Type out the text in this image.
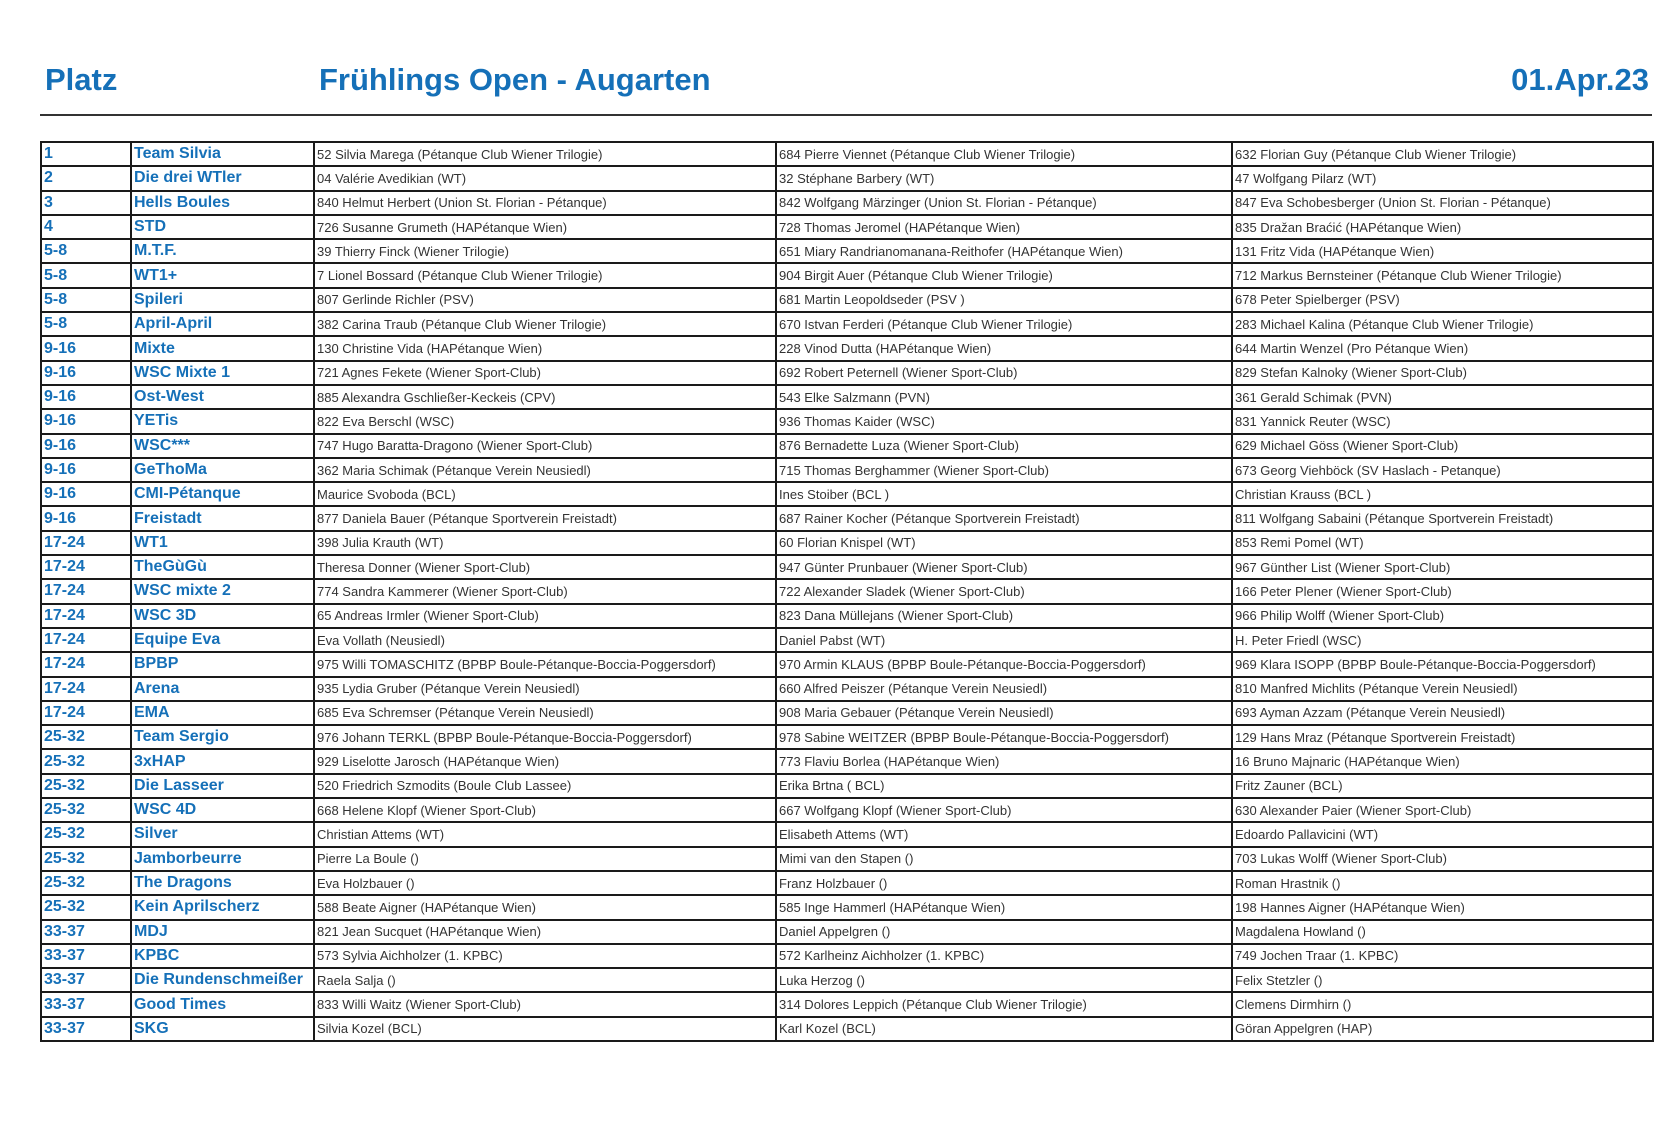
Platz	Frühlings Open - Augarten	01.Apr.23
1	Team Silvia	52 Silvia Marega (Pétanque Club Wiener Trilogie)	684 Pierre Viennet (Pétanque Club Wiener Trilogie)	632 Florian Guy (Pétanque Club Wiener Trilogie)
2	Die drei WTler	04 Valérie Avedikian (WT)	32 Stéphane Barbery (WT)	47 Wolfgang Pilarz (WT)
3	Hells Boules	840 Helmut Herbert (Union St. Florian - Pétanque)	842 Wolfgang Märzinger (Union St. Florian - Pétanque)	847 Eva Schobesberger (Union St. Florian - Pétanque)
4	STD	726 Susanne Grumeth (HAPétanque Wien)	728 Thomas Jeromel (HAPétanque Wien)	835 Dražan Braćić (HAPétanque Wien)
5-8	M.T.F.	39 Thierry Finck (Wiener Trilogie)	651 Miary Randrianomanana-Reithofer (HAPétanque Wien)	131 Fritz Vida (HAPétanque Wien)
5-8	WT1+	7 Lionel Bossard (Pétanque Club Wiener Trilogie)	904 Birgit Auer (Pétanque Club Wiener Trilogie)	712 Markus Bernsteiner (Pétanque Club Wiener Trilogie)
5-8	Spileri	807 Gerlinde Richler (PSV)	681 Martin Leopoldseder (PSV )	678 Peter Spielberger (PSV)
5-8	April-April	382 Carina Traub (Pétanque Club Wiener Trilogie)	670 Istvan Ferderi (Pétanque Club Wiener Trilogie)	283 Michael Kalina (Pétanque Club Wiener Trilogie)
9-16	Mixte	130 Christine Vida (HAPétanque Wien)	228 Vinod Dutta (HAPétanque Wien)	644 Martin Wenzel (Pro Pétanque Wien)
9-16	WSC Mixte 1	721 Agnes Fekete (Wiener Sport-Club)	692 Robert Peternell (Wiener Sport-Club)	829 Stefan Kalnoky (Wiener Sport-Club)
9-16	Ost-West	885 Alexandra Gschließer-Keckeis (CPV)	543 Elke Salzmann (PVN)	361 Gerald Schimak (PVN)
9-16	YETis	822 Eva Berschl (WSC)	936 Thomas Kaider (WSC)	831 Yannick Reuter (WSC)
9-16	WSC***	747 Hugo Baratta-Dragono (Wiener Sport-Club)	876 Bernadette Luza (Wiener Sport-Club)	629 Michael Göss (Wiener Sport-Club)
9-16	GeThoMa	362 Maria Schimak (Pétanque Verein Neusiedl)	715 Thomas Berghammer (Wiener Sport-Club)	673 Georg Viehböck (SV Haslach - Petanque)
9-16	CMI-Pétanque	Maurice Svoboda (BCL)	Ines Stoiber (BCL )	Christian Krauss (BCL )
9-16	Freistadt	877 Daniela Bauer (Pétanque Sportverein Freistadt)	687 Rainer Kocher (Pétanque Sportverein Freistadt)	811 Wolfgang Sabaini (Pétanque Sportverein Freistadt)
17-24	WT1	398 Julia Krauth (WT)	60 Florian Knispel (WT)	853 Remi Pomel (WT)
17-24	TheGùGù	Theresa Donner (Wiener Sport-Club)	947 Günter Prunbauer (Wiener Sport-Club)	967 Günther List (Wiener Sport-Club)
17-24	WSC mixte 2	774 Sandra Kammerer (Wiener Sport-Club)	722 Alexander Sladek (Wiener Sport-Club)	166 Peter Plener (Wiener Sport-Club)
17-24	WSC 3D	65 Andreas Irmler (Wiener Sport-Club)	823 Dana Müllejans (Wiener Sport-Club)	966 Philip Wolff (Wiener Sport-Club)
17-24	Equipe Eva	Eva Vollath (Neusiedl)	Daniel Pabst (WT)	H. Peter Friedl (WSC)
17-24	BPBP	975 Willi TOMASCHITZ (BPBP Boule-Pétanque-Boccia-Poggersdorf)	970 Armin KLAUS (BPBP Boule-Pétanque-Boccia-Poggersdorf)	969 Klara ISOPP (BPBP Boule-Pétanque-Boccia-Poggersdorf)
17-24	Arena	935 Lydia Gruber (Pétanque Verein Neusiedl)	660 Alfred Peiszer (Pétanque Verein Neusiedl)	810 Manfred Michlits (Pétanque Verein Neusiedl)
17-24	EMA	685 Eva Schremser (Pétanque Verein Neusiedl)	908 Maria Gebauer (Pétanque Verein Neusiedl)	693 Ayman Azzam (Pétanque Verein Neusiedl)
25-32	Team Sergio	976 Johann TERKL (BPBP Boule-Pétanque-Boccia-Poggersdorf)	978 Sabine WEITZER (BPBP Boule-Pétanque-Boccia-Poggersdorf)	129 Hans Mraz (Pétanque Sportverein Freistadt)
25-32	3xHAP	929 Liselotte Jarosch (HAPétanque Wien)	773 Flaviu Borlea (HAPétanque Wien)	16 Bruno Majnaric (HAPétanque Wien)
25-32	Die Lasseer	520 Friedrich Szmodits (Boule Club Lassee)	Erika Brtna ( BCL)	Fritz Zauner (BCL)
25-32	WSC 4D	668 Helene Klopf (Wiener Sport-Club)	667 Wolfgang Klopf (Wiener Sport-Club)	630 Alexander Paier (Wiener Sport-Club)
25-32	Silver	Christian Attems (WT)	Elisabeth Attems (WT)	Edoardo Pallavicini (WT)
25-32	Jamborbeurre	Pierre La Boule ()	Mimi van den Stapen ()	703 Lukas Wolff (Wiener Sport-Club)
25-32	The Dragons	Eva Holzbauer ()	Franz Holzbauer ()	Roman Hrastnik ()
25-32	Kein Aprilscherz	588 Beate Aigner (HAPétanque Wien)	585 Inge Hammerl (HAPétanque Wien)	198 Hannes Aigner (HAPétanque Wien)
33-37	MDJ	821 Jean Sucquet (HAPétanque Wien)	Daniel Appelgren ()	Magdalena Howland ()
33-37	KPBC	573 Sylvia Aichholzer (1. KPBC)	572 Karlheinz Aichholzer (1. KPBC)	749 Jochen Traar (1. KPBC)
33-37	Die Rundenschmeißer	Raela Salja ()	Luka Herzog ()	Felix Stetzler ()
33-37	Good Times	833 Willi Waitz (Wiener Sport-Club)	314 Dolores Leppich (Pétanque Club Wiener Trilogie)	Clemens Dirmhirn ()
33-37	SKG	Silvia Kozel (BCL)	Karl Kozel (BCL)	Göran Appelgren (HAP)
